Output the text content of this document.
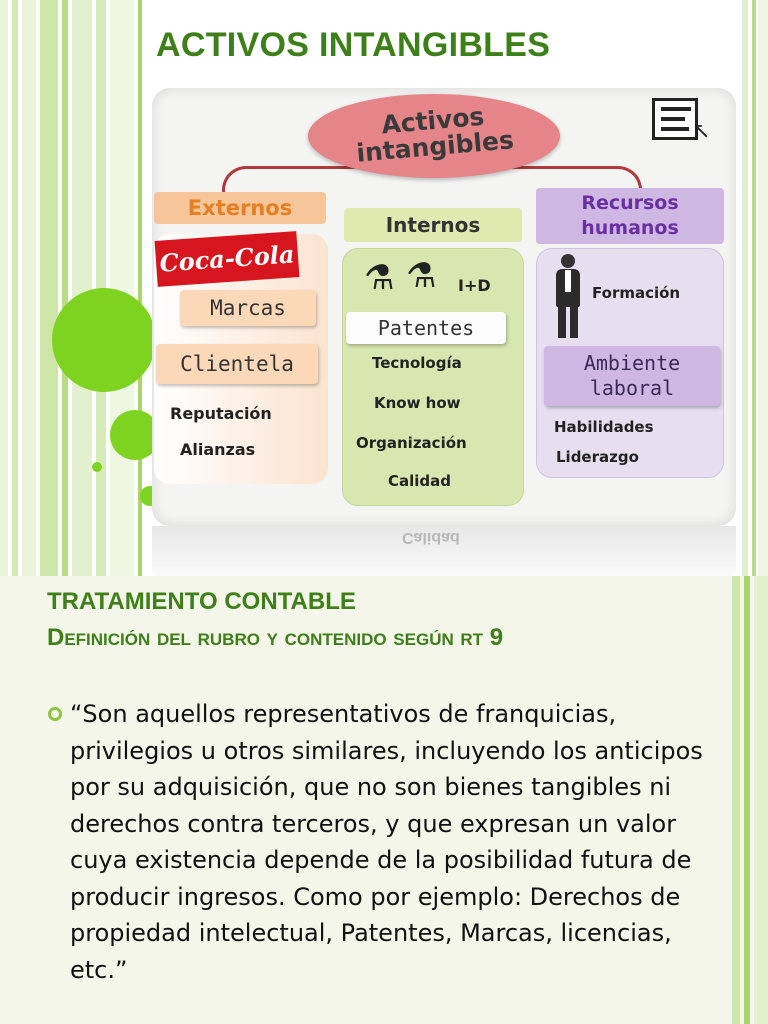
ACTIVOS INTANGIBLES
Calidad
Activos intangibles	↖
Externos
Internos
Recursos humanos
Coca-Cola
Marcas
Clientela
Reputación
Alianzas
⚗ ⚗ I+D
Patentes
Tecnología
Know how
Organización
Calidad
Formación
Ambiente laboral
Habilidades
Liderazgo
TRATAMIENTO CONTABLE
Definición del rubro y contenido según rt 9
“Son aquellos representativos de franquicias, privilegios u otros similares, incluyendo los anticipos por su adquisición, que no son bienes tangibles ni derechos contra terceros, y que expresan un valor cuya existencia depende de la posibilidad futura de producir ingresos. Como por ejemplo: Derechos de propiedad intelectual, Patentes, Marcas, licencias, etc.”
